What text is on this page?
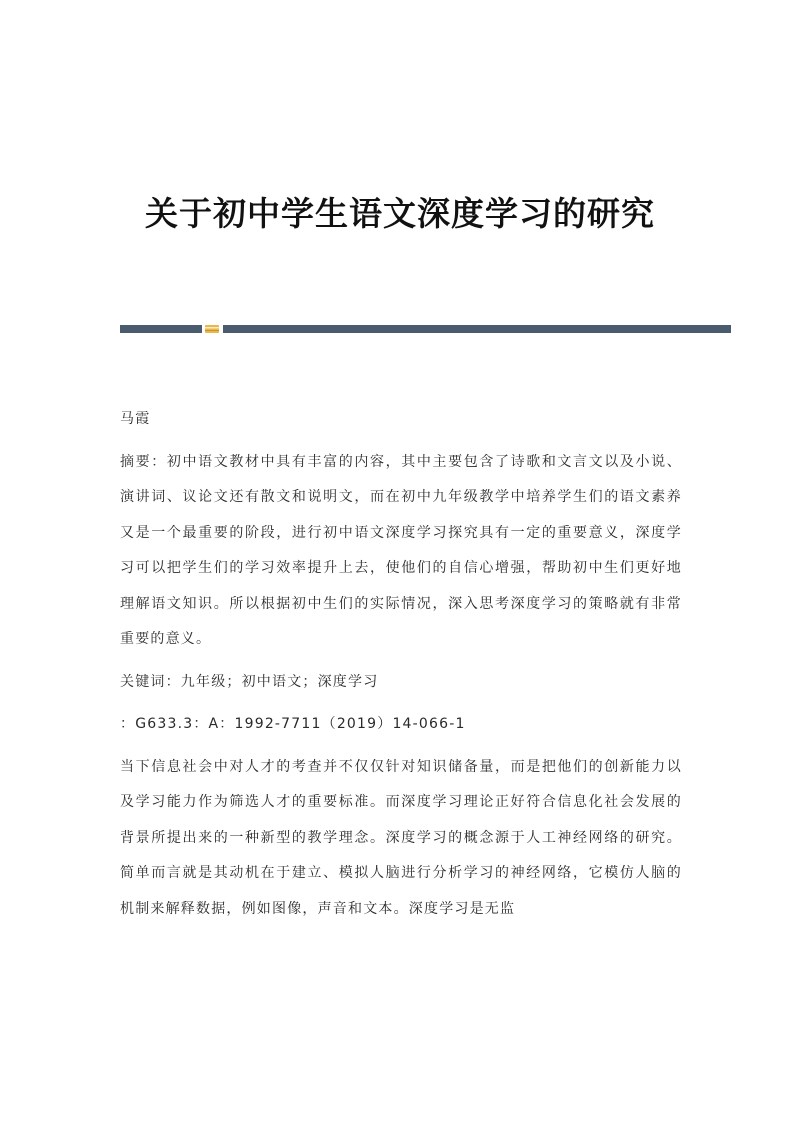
关于初中学生语文深度学习的研究

马霞

摘要：初中语文教材中具有丰富的内容，其中主要包含了诗歌和文言文以及小说、演讲词、议论文还有散文和说明文，而在初中九年级教学中培养学生们的语文素养又是一个最重要的阶段，进行初中语文深度学习探究具有一定的重要意义，深度学习可以把学生们的学习效率提升上去，使他们的自信心增强，帮助初中生们更好地理解语文知识。所以根据初中生们的实际情况，深入思考深度学习的策略就有非常重要的意义。

关键词：九年级；初中语文；深度学习

：G633.3：A：1992-7711（2019）14-066-1

当下信息社会中对人才的考查并不仅仅针对知识储备量，而是把他们的创新能力以及学习能力作为筛选人才的重要标准。而深度学习理论正好符合信息化社会发展的背景所提出来的一种新型的教学理念。深度学习的概念源于人工神经网络的研究。简单而言就是其动机在于建立、模拟人脑进行分析学习的神经网络，它模仿人脑的机制来解释数据，例如图像，声音和文本。深度学习是无监
